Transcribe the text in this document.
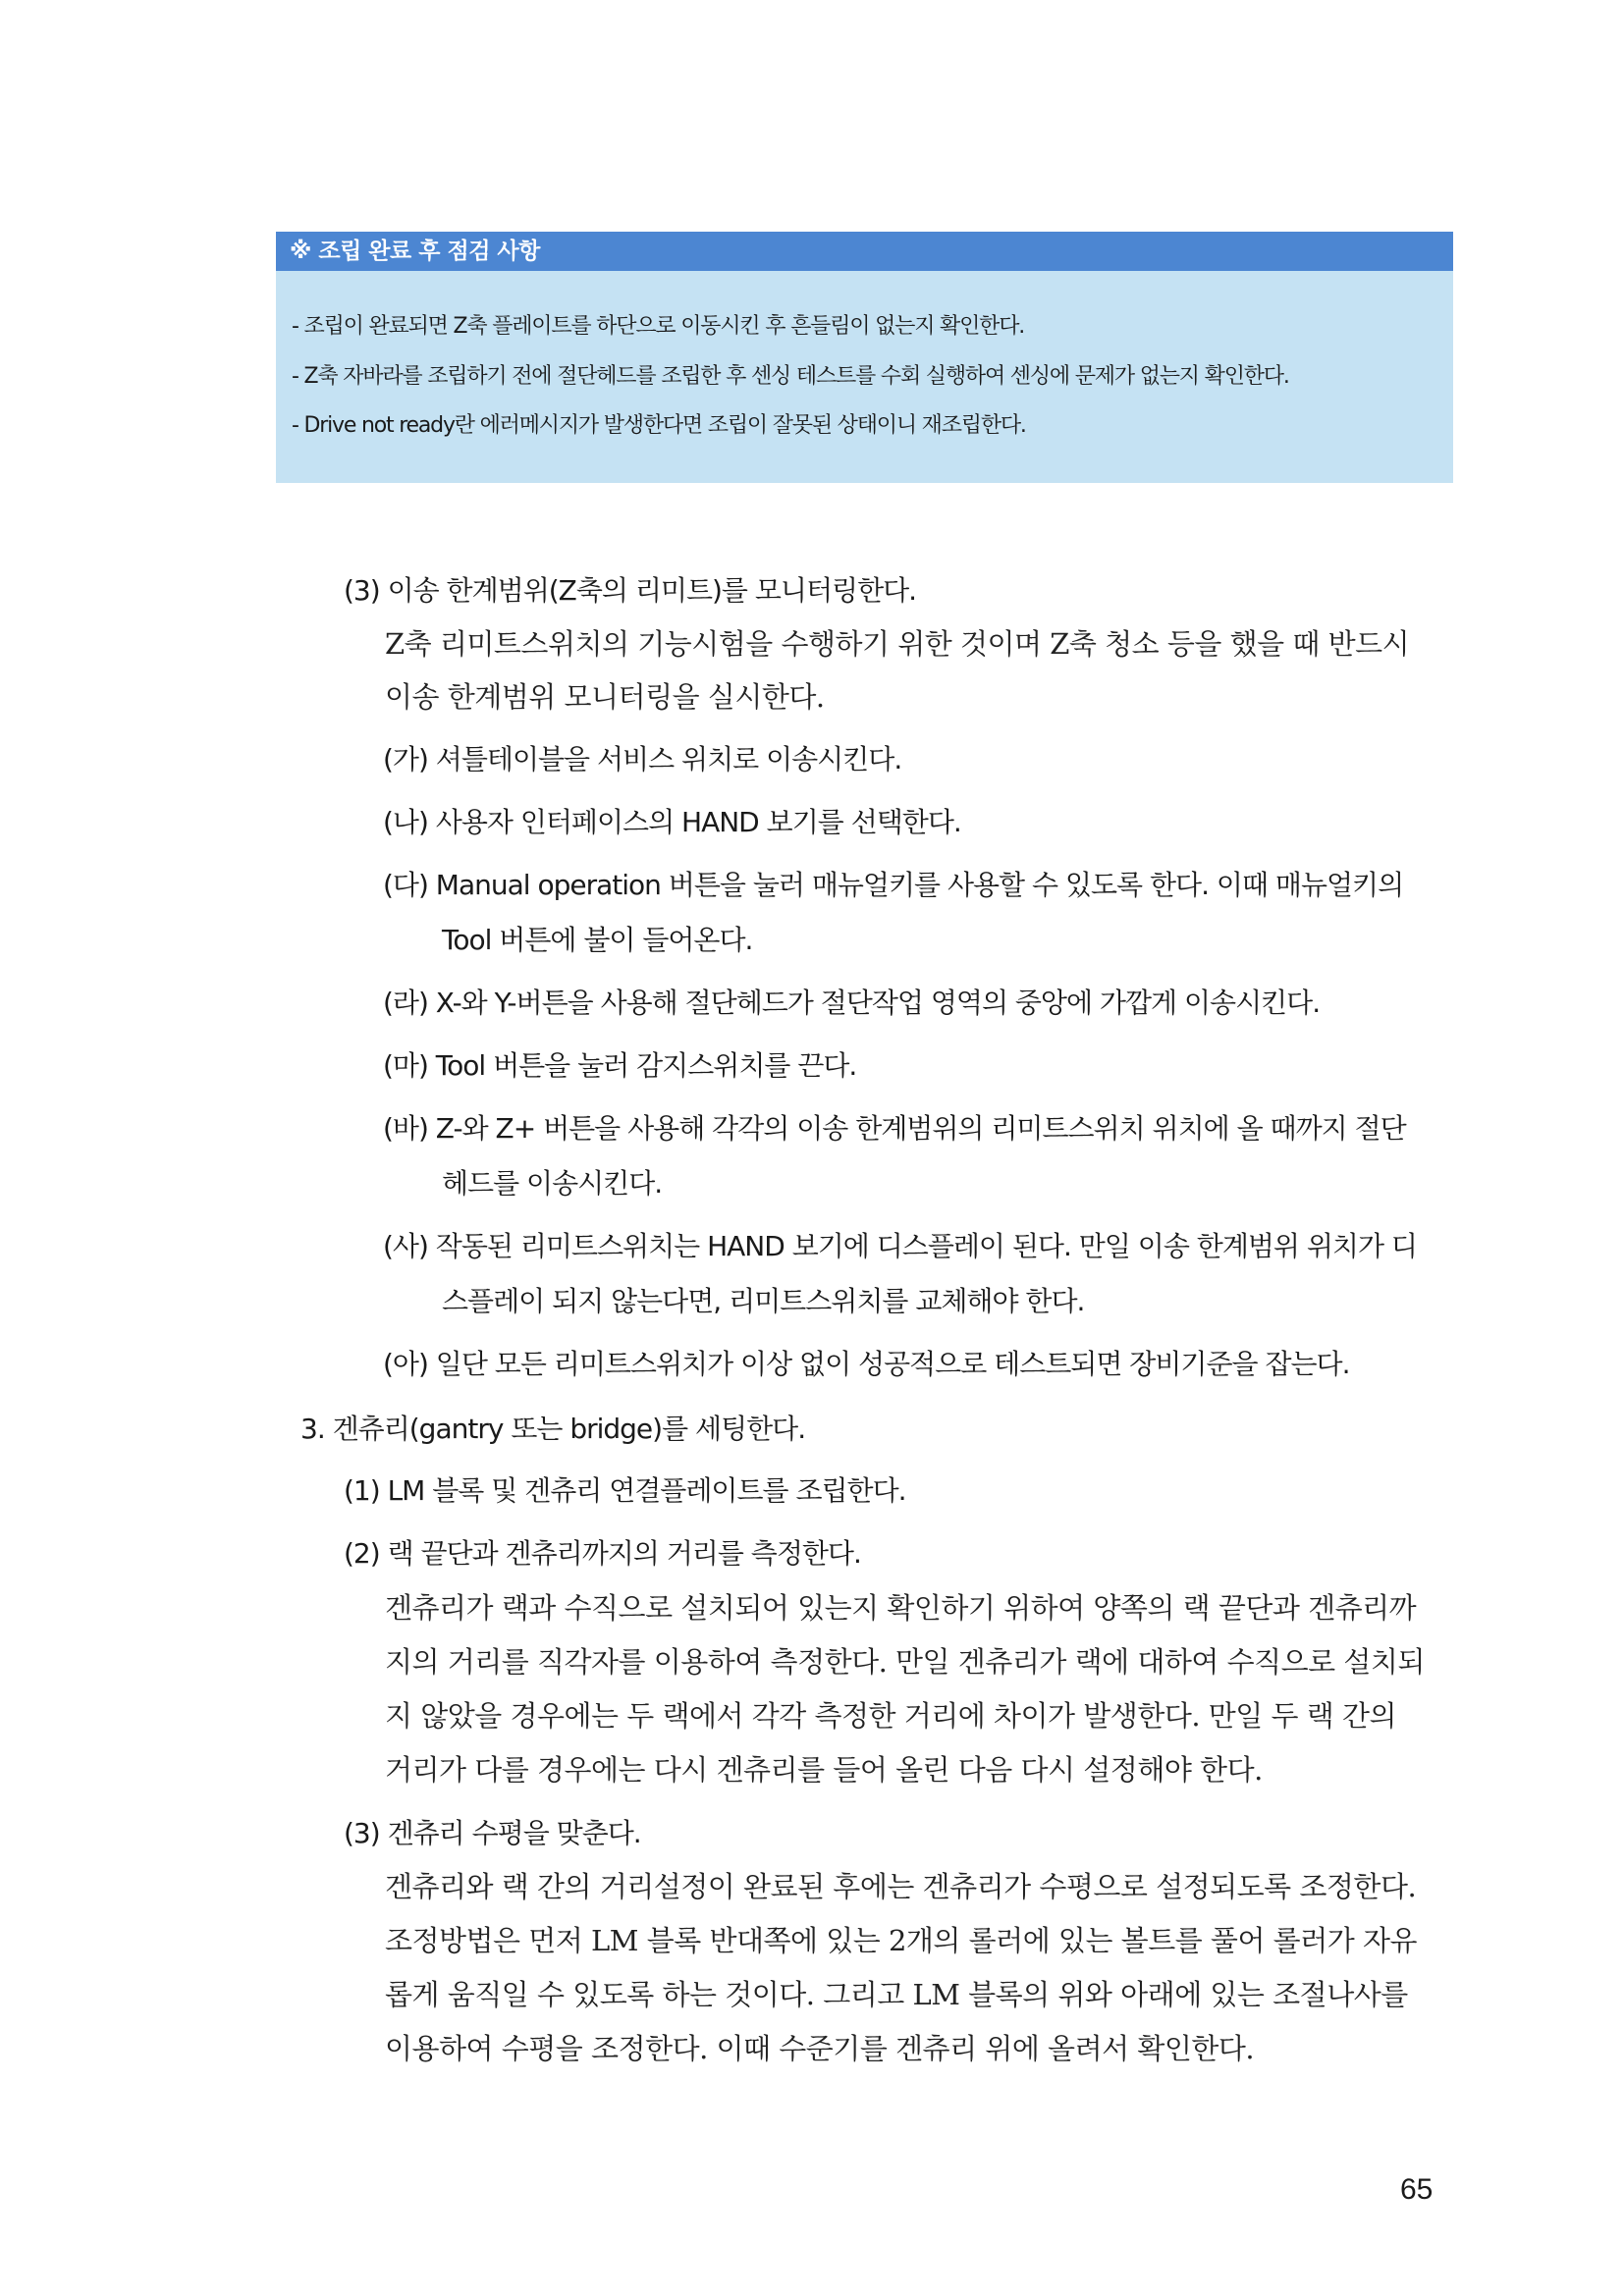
※ 조립 완료 후 점검 사항
- 조립이 완료되면 Z축 플레이트를 하단으로 이동시킨 후 흔들림이 없는지 확인한다.
- Z축 자바라를 조립하기 전에 절단헤드를 조립한 후 센싱 테스트를 수회 실행하여 센싱에 문제가 없는지 확인한다.
- Drive not ready란 에러메시지가 발생한다면 조립이 잘못된 상태이니 재조립한다.
(3) 이송 한계범위(Z축의 리미트)를 모니터링한다.
Z축 리미트스위치의 기능시험을 수행하기 위한 것이며 Z축 청소 등을 했을 때 반드시
이송 한계범위 모니터링을 실시한다.
(가) 셔틀테이블을 서비스 위치로 이송시킨다.
(나) 사용자 인터페이스의 HAND 보기를 선택한다.
(다) Manual operation 버튼을 눌러 매뉴얼키를 사용할 수 있도록 한다. 이때 매뉴얼키의
Tool 버튼에 불이 들어온다.
(라) X-와 Y-버튼을 사용해 절단헤드가 절단작업 영역의 중앙에 가깝게 이송시킨다.
(마) Tool 버튼을 눌러 감지스위치를 끈다.
(바) Z-와 Z+ 버튼을 사용해 각각의 이송 한계범위의 리미트스위치 위치에 올 때까지 절단
헤드를 이송시킨다.
(사) 작동된 리미트스위치는 HAND 보기에 디스플레이 된다. 만일 이송 한계범위 위치가 디
스플레이 되지 않는다면, 리미트스위치를 교체해야 한다.
(아) 일단 모든 리미트스위치가 이상 없이 성공적으로 테스트되면 장비기준을 잡는다.
3. 겐츄리(gantry 또는 bridge)를 세팅한다.
(1) LM 블록 및 겐츄리 연결플레이트를 조립한다.
(2) 랙 끝단과 겐츄리까지의 거리를 측정한다.
겐츄리가 랙과 수직으로 설치되어 있는지 확인하기 위하여 양쪽의 랙 끝단과 겐츄리까
지의 거리를 직각자를 이용하여 측정한다. 만일 겐츄리가 랙에 대하여 수직으로 설치되
지 않았을 경우에는 두 랙에서 각각 측정한 거리에 차이가 발생한다. 만일 두 랙 간의
거리가 다를 경우에는 다시 겐츄리를 들어 올린 다음 다시 설정해야 한다.
(3) 겐츄리 수평을 맞춘다.
겐츄리와 랙 간의 거리설정이 완료된 후에는 겐츄리가 수평으로 설정되도록 조정한다.
조정방법은 먼저 LM 블록 반대쪽에 있는 2개의 롤러에 있는 볼트를 풀어 롤러가 자유
롭게 움직일 수 있도록 하는 것이다. 그리고 LM 블록의 위와 아래에 있는 조절나사를
이용하여 수평을 조정한다. 이때 수준기를 겐츄리 위에 올려서 확인한다.
65
